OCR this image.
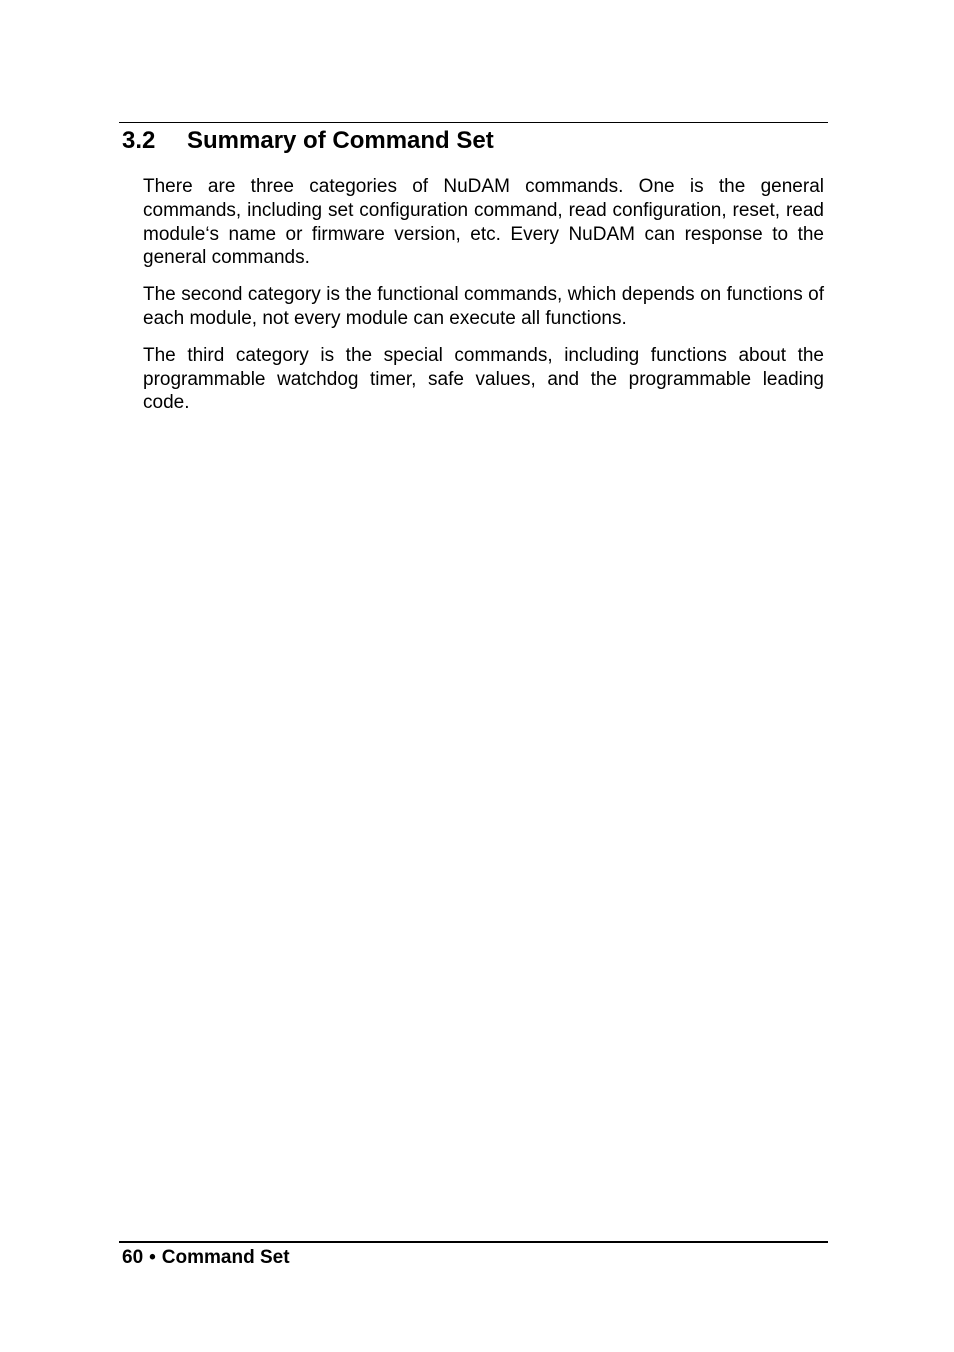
3.2 Summary of Command Set

There are three categories of NuDAM commands. One is the general commands, including set configuration command, read configuration, reset, read module‘s name or firmware version, etc. Every NuDAM can response to the general commands.

The second category is the functional commands, which depends on functions of each module, not every module can execute all functions.

The third category is the special commands, including functions about the programmable watchdog timer, safe values, and the programmable leading code.

60 • Command Set
